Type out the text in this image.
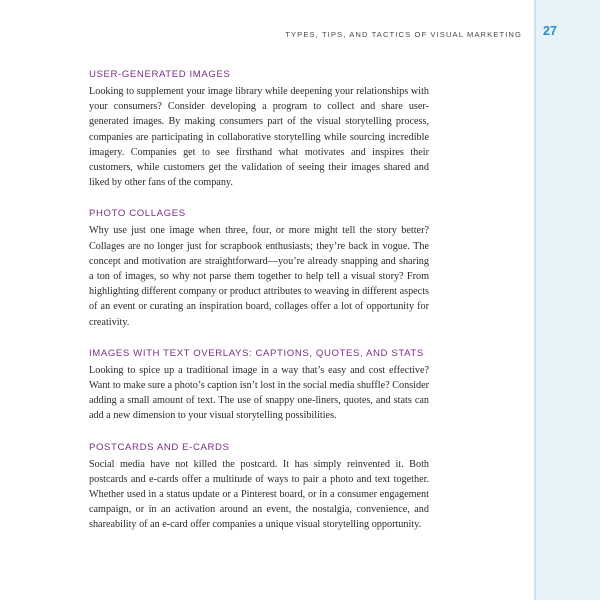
TYPES, TIPS, AND TACTICS OF VISUAL MARKETING	27
USER-GENERATED IMAGES

Looking to supplement your image library while deepening your relationships with your consumers? Consider developing a program to collect and share user-generated images. By making consumers part of the visual storytelling process, companies are participating in collaborative storytelling while sourcing incredible imagery. Companies get to see firsthand what motivates and inspires their customers, while customers get the validation of seeing their images shared and liked by other fans of the company.

PHOTO COLLAGES

Why use just one image when three, four, or more might tell the story better? Collages are no longer just for scrapbook enthusiasts; they’re back in vogue. The concept and motivation are straightforward—you’re already snapping and sharing a ton of images, so why not parse them together to help tell a visual story? From highlighting different company or product attributes to weaving in different aspects of an event or curating an inspiration board, collages offer a lot of opportunity for creativity.

IMAGES WITH TEXT OVERLAYS: CAPTIONS, QUOTES, AND STATS

Looking to spice up a traditional image in a way that’s easy and cost effective? Want to make sure a photo’s caption isn’t lost in the social media shuffle? Consider adding a small amount of text. The use of snappy one-liners, quotes, and stats can add a new dimension to your visual storytelling possibilities.

POSTCARDS AND E-CARDS

Social media have not killed the postcard. It has simply reinvented it. Both postcards and e-cards offer a multitude of ways to pair a photo and text together. Whether used in a status update or a Pinterest board, or in a consumer engagement campaign, or in an activation around an event, the nostalgia, convenience, and shareability of an e-card offer companies a unique visual storytelling opportunity.
